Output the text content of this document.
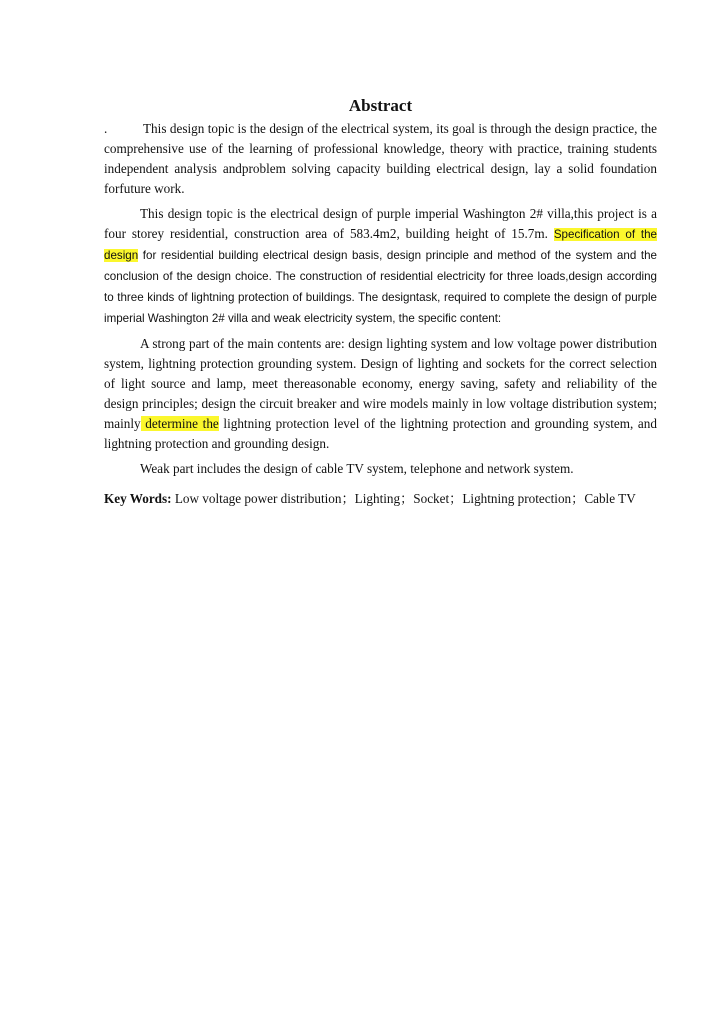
Abstract

.	This design topic is the design of the electrical system, its goal is through the design practice, the comprehensive use of the learning of professional knowledge, theory with practice, training students independent analysis andproblem solving capacity building electrical design, lay a solid foundation forfuture work.

This design topic is the electrical design of purple imperial Washington 2# villa,this project is a four storey residential, construction area of 583.4m2, building height of 15.7m. Specification of the design for residential building electrical design basis, design principle and method of the system and the conclusion of the design choice. The construction of residential electricity for three loads,design according to three kinds of lightning protection of buildings. The designtask, required to complete the design of purple imperial Washington 2# villa and weak electricity system, the specific content:

A strong part of the main contents are: design lighting system and low voltage power distribution system, lightning protection grounding system. Design of lighting and sockets for the correct selection of light source and lamp, meet thereasonable economy, energy saving, safety and reliability of the design principles; design the circuit breaker and wire models mainly in low voltage distribution system; mainly determine the lightning protection level of the lightning protection and grounding system, and lightning protection and grounding design.

Weak part includes the design of cable TV system, telephone and network system.

Key Words: Low voltage power distribution；Lighting；Socket；Lightning protection；Cable TV
